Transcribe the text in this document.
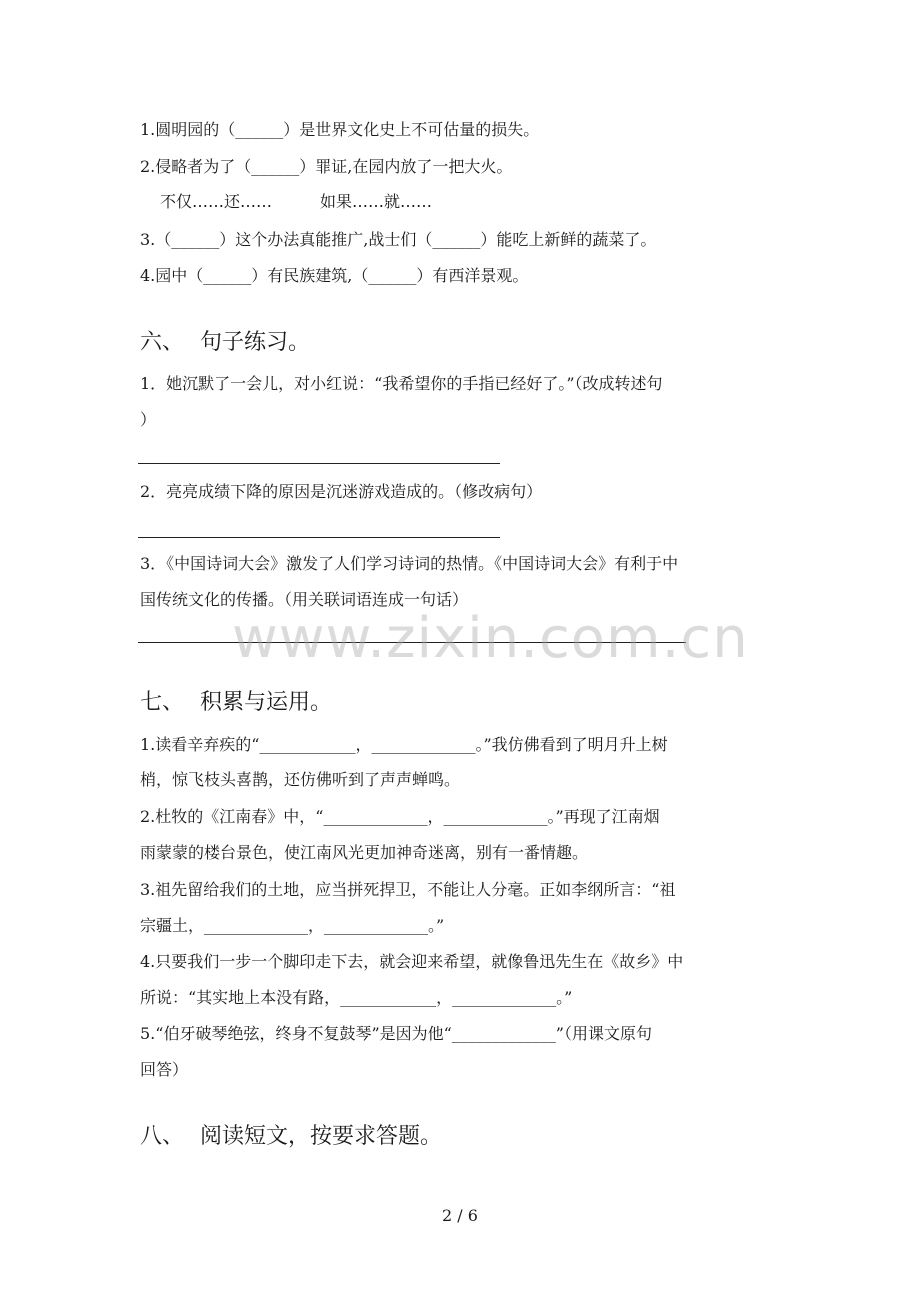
1.圆明园的（______）是世界文化史上不可估量的损失。
2.侵略者为了（______）罪证,在园内放了一把大火。
不仅……还……　　　如果……就……
3.（______）这个办法真能推广,战士们（______）能吃上新鲜的蔬菜了。
4.园中（______）有民族建筑,（______）有西洋景观。
六、 句子练习。
1．她沉默了一会儿，对小红说：“我希望你的手指已经好了。”（改成转述句
）
2．亮亮成绩下降的原因是沉迷游戏造成的。（修改病句）
3．《中国诗词大会》激发了人们学习诗词的热情。《中国诗词大会》有利于中
国传统文化的传播。（用关联词语连成一句话）
www.zixin.com.cn
七、 积累与运用。
1.读看辛弃疾的“____________，_____________。”我仿佛看到了明月升上树
梢，惊飞枝头喜鹊，还仿佛听到了声声蝉鸣。
2.杜牧的《江南春》中，“_____________，_____________。”再现了江南烟
雨蒙蒙的楼台景色，使江南风光更加神奇迷离，别有一番情趣。
3.祖先留给我们的土地，应当拼死捍卫，不能让人分毫。正如李纲所言：“祖
宗疆土，_____________，_____________。”
4.只要我们一步一个脚印走下去，就会迎来希望，就像鲁迅先生在《故乡》中
所说：“其实地上本没有路，____________，_____________。”
5.“伯牙破琴绝弦，终身不复鼓琴”是因为他“_____________”（用课文原句
回答）
八、 阅读短文，按要求答题。
2 / 6
